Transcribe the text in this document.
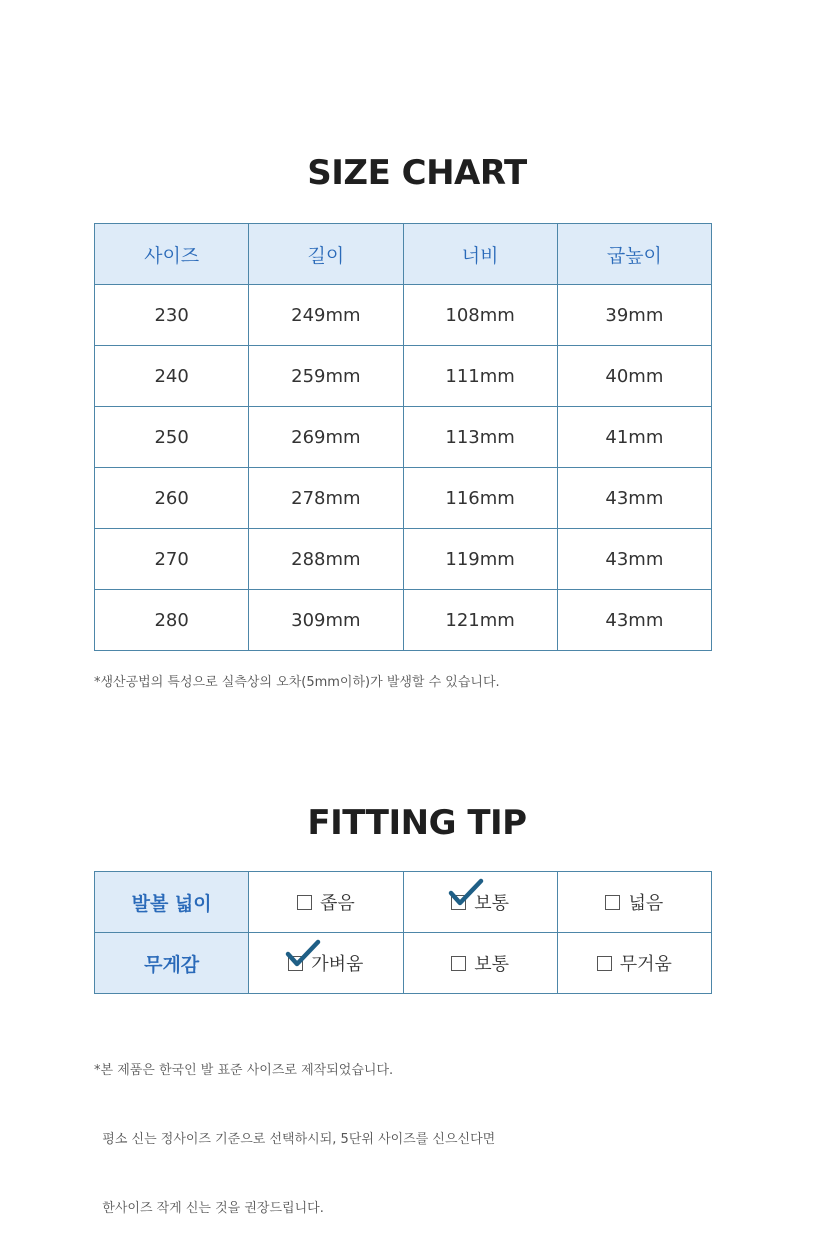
SIZE CHART
사이즈	길이	너비	굽높이
230	249mm	108mm	39mm
240	259mm	111mm	40mm
250	269mm	113mm	41mm
260	278mm	116mm	43mm
270	288mm	119mm	43mm
280	309mm	121mm	43mm
*생산공법의 특성으로 실측상의 오차(5mm이하)가 발생할 수 있습니다.
FITTING TIP
발볼 넓이	좁음	보통	넓음

무게감	가벼움	보통	무거움

*본 제품은 한국인 발 표준 사이즈로 제작되었습니다.

평소 신는 정사이즈 기준으로 선택하시되, 5단위 사이즈를 신으신다면

한사이즈 작게 신는 것을 권장드립니다.
